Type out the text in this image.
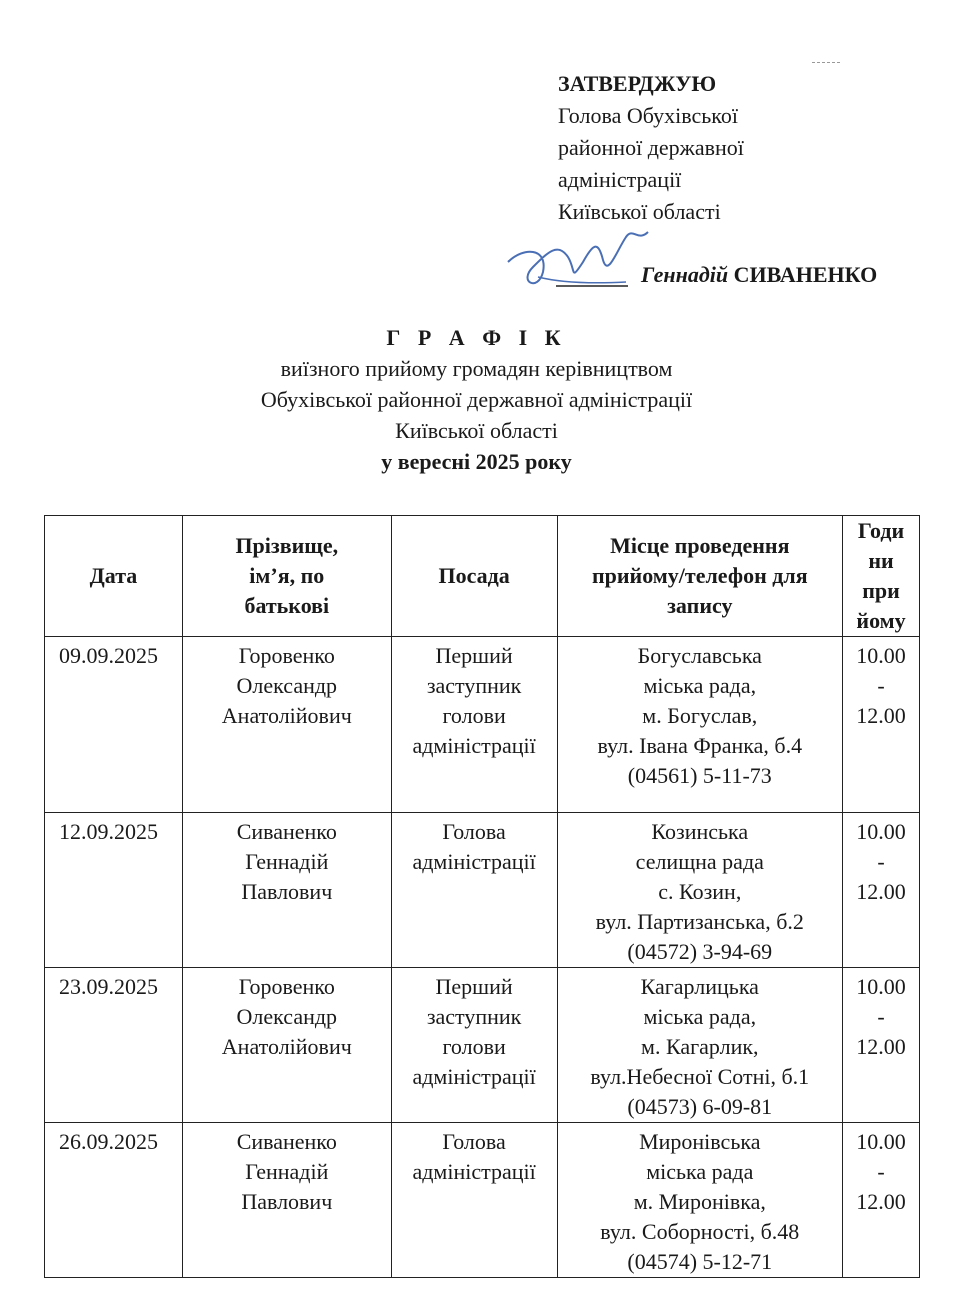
ЗАТВЕРДЖУЮ
Голова Обухівської
районної державної
адміністрації
Київської області
Геннадій СИВАНЕНКО
Г Р А Ф І К
виїзного прийому громадян керівництвом
Обухівської районної державної адміністрації
Київської області
у вересні 2025 року
Дата	Прізвище,
ім’я, по
батькові	Посада	Місце проведення
прийому/телефон для
запису	Годи
ни
при
йому

09.09.2025	Горовенко
Олександр
Анатолійович	Перший
заступник
голови
адміністрації	Богуславська
міська рада,
м. Богуслав,
вул. Івана Франка, б.4
(04561) 5-11-73	10.00
-
12.00

12.09.2025	Сиваненко
Геннадій
Павлович	Голова
адміністрації	Козинська
селищна рада
с. Козин,
вул. Партизанська, б.2
(04572) 3-94-69	10.00
-
12.00

23.09.2025	Горовенко
Олександр
Анатолійович	Перший
заступник
голови
адміністрації	Кагарлицька
міська рада,
м. Кагарлик,
вул.Небесної Сотні, б.1
(04573) 6-09-81	10.00
-
12.00

26.09.2025	Сиваненко
Геннадій
Павлович	Голова
адміністрації	Миронівська
міська рада
м. Миронівка,
вул. Соборності, б.48
(04574) 5-12-71	10.00
-
12.00
